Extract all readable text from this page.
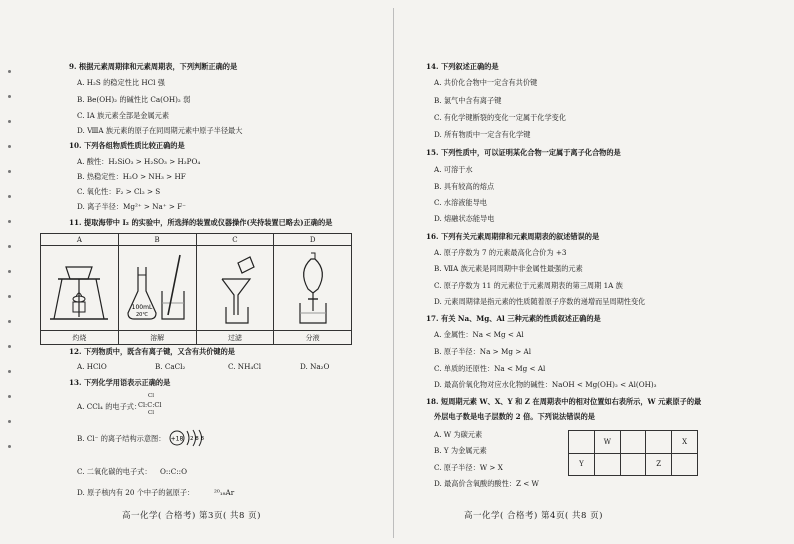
9. 根据元素周期律和元素周期表，下列判断正确的是
A. H₂S 的稳定性比 HCl 强
B. Be(OH)₂ 的碱性比 Ca(OH)₂ 弱
C. ⅠA 族元素全部是金属元素
D. ⅧA 族元素的原子在同周期元素中原子半径最大
10. 下列各组物质性质比较正确的是
A. 酸性：H₂SiO₃ > H₂SO₃ > H₃PO₄
B. 热稳定性：H₂O > NH₃ > HF
C. 氧化性：F₂ > Cl₂ > S
D. 离子半径：Mg²⁺ > Na⁺ > F⁻
11. 提取海带中 I₂ 的实验中，所选择的装置或仪器操作(夹持装置已略去)正确的是
A	B	C	D

100mL
20℃

灼烧	溶解	过滤	分液
12. 下列物质中，既含有离子键，又含有共价键的是
A. HClO	B. CaCl₂	C. NH₄Cl	D. Na₂O
13. 下列化学用语表示正确的是
A. CCl₄ 的电子式：
Cl
Cl:C:Cl
Cl
B. Cl⁻ 的离子结构示意图： +18 2 8 8
C. 二氧化碳的电子式： O::C::O
D. 原子核内有 20 个中子的氩原子：	²⁰₁₈Ar
高一化学( 合格考) 第3页( 共8 页)
14. 下列叙述正确的是
A. 共价化合物中一定含有共价键
B. 氯气中含有离子键
C. 有化学键断裂的变化一定属于化学变化
D. 所有物质中一定含有化学键
15. 下列性质中，可以证明某化合物一定属于离子化合物的是
A. 可溶于水
B. 具有较高的熔点
C. 水溶液能导电
D. 熔融状态能导电
16. 下列有关元素周期律和元素周期表的叙述错误的是
A. 原子序数为 7 的元素最高化合价为 +3
B. ⅦA 族元素是同周期中非金属性最强的元素
C. 原子序数为 11 的元素位于元素周期表的第三周期 1A 族
D. 元素周期律是指元素的性质随着原子序数的递增而呈周期性变化
17. 有关 Na、Mg、Al 三种元素的性质叙述正确的是
A. 金属性：Na < Mg < Al
B. 原子半径：Na > Mg > Al
C. 单质的还原性：Na < Mg < Al
D. 最高价氧化物对应水化物的碱性：NaOH < Mg(OH)₂ < Al(OH)₃
18. 短周期元素 W、X、Y 和 Z 在周期表中的相对位置如右表所示，W 元素原子的最
外层电子数是电子层数的 2 倍。下列说法错误的是
A. W 为碳元素
B. Y 为金属元素
C. 原子半径：W > X
D. 最高价含氧酸的酸性：Z < W
高一化学( 合格考) 第4页( 共8 页)
	W			X
Y			Z	
